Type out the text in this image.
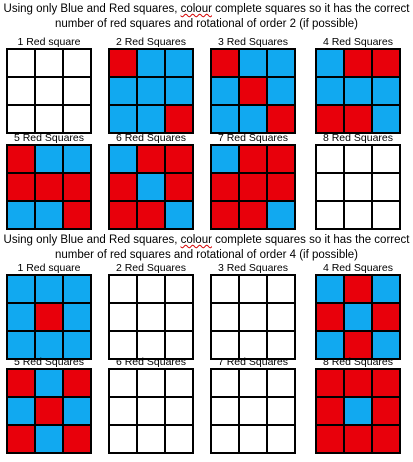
Using only Blue and Red squares, colour complete squares so it has the correct number of red squares and rotational of order 2 (if possible)
Using only Blue and Red squares, colour complete squares so it has the correct number of red squares and rotational of order 4 (if possible)
1 Red square	2 Red Squares	3 Red Squares	4 Red Squares
5 Red Squares	6 Red Squares	7 Red Squares	8 Red Squares
1 Red square	2 Red Squares	3 Red Squares	4 Red Squares
5 Red Squares	6 Red Squares	7 Red Squares	8 Red Squares
